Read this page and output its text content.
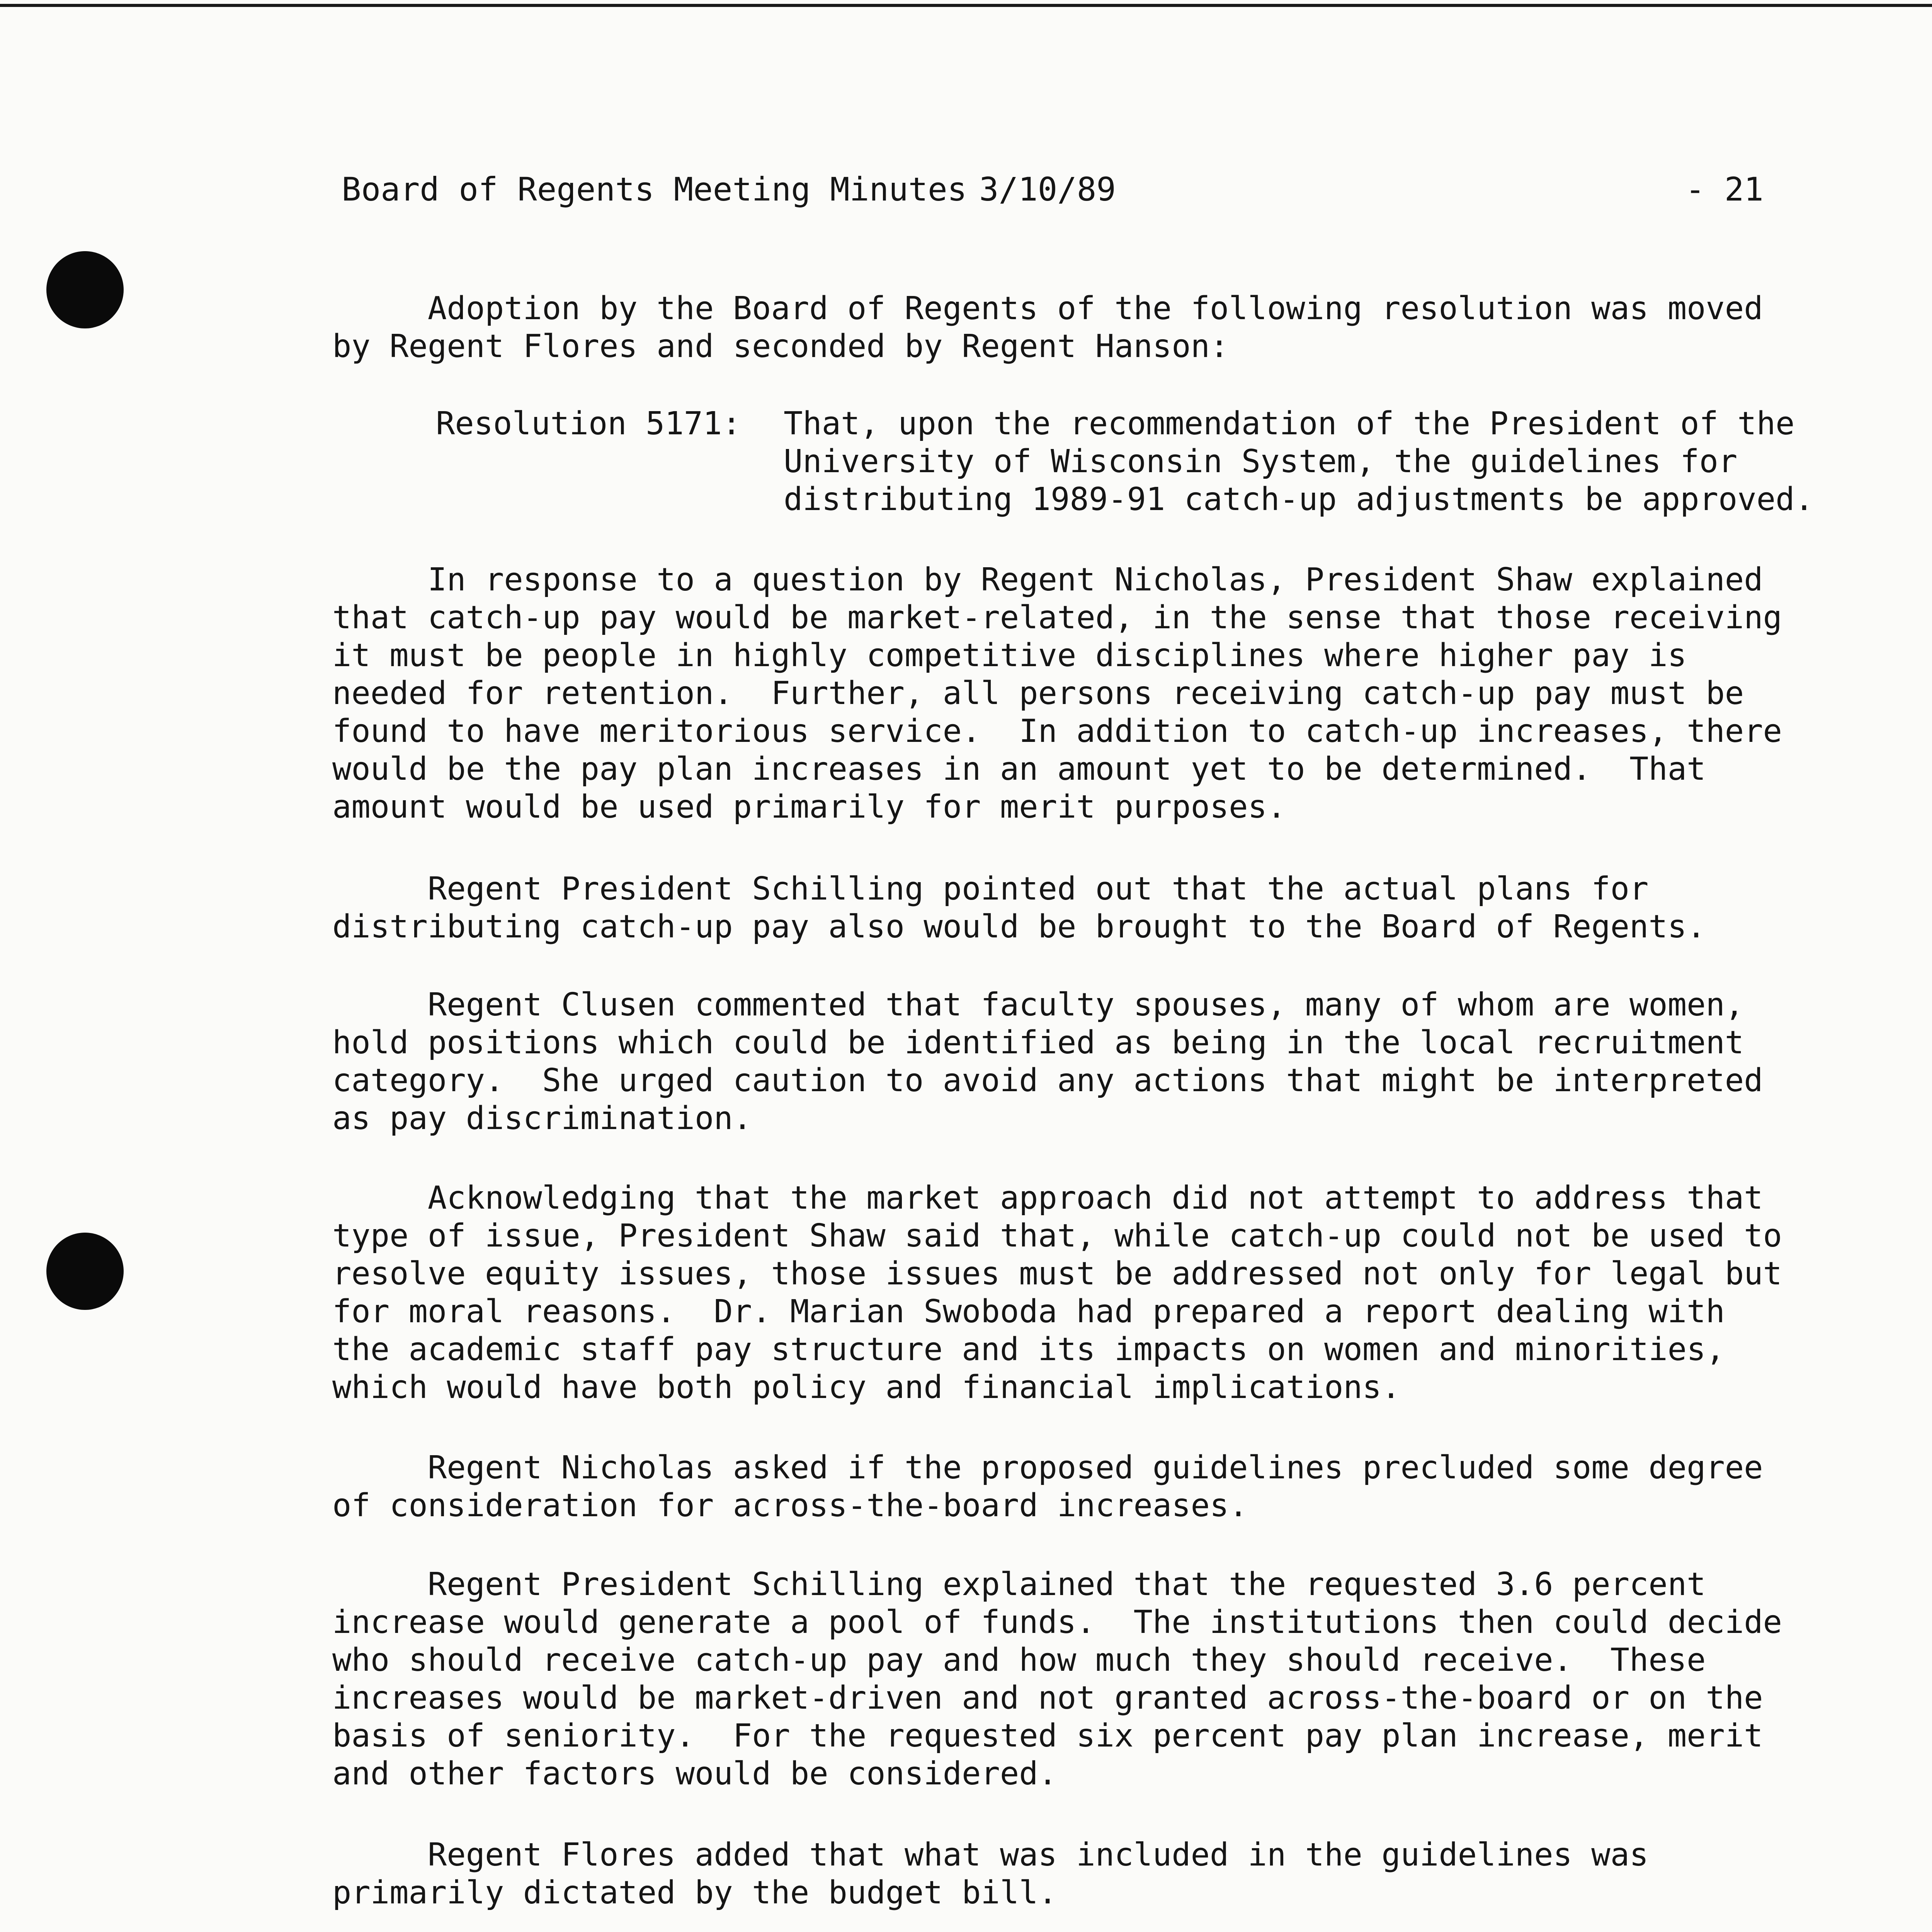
Board of Regents Meeting Minutes 3/10/89	- 21

Adoption by the Board of Regents of the following resolution was moved
by Regent Flores and seconded by Regent Hanson:

Resolution 5171: That, upon the recommendation of the President of the
University of Wisconsin System, the guidelines for
distributing 1989-91 catch-up adjustments be approved.

In response to a question by Regent Nicholas, President Shaw explained
that catch-up pay would be market-related, in the sense that those receiving
it must be people in highly competitive disciplines where higher pay is
needed for retention.  Further, all persons receiving catch-up pay must be
found to have meritorious service.  In addition to catch-up increases, there
would be the pay plan increases in an amount yet to be determined.  That
amount would be used primarily for merit purposes.

Regent President Schilling pointed out that the actual plans for
distributing catch-up pay also would be brought to the Board of Regents.

Regent Clusen commented that faculty spouses, many of whom are women,
hold positions which could be identified as being in the local recruitment
category.  She urged caution to avoid any actions that might be interpreted
as pay discrimination.

Acknowledging that the market approach did not attempt to address that
type of issue, President Shaw said that, while catch-up could not be used to
resolve equity issues, those issues must be addressed not only for legal but
for moral reasons.  Dr. Marian Swoboda had prepared a report dealing with
the academic staff pay structure and its impacts on women and minorities,
which would have both policy and financial implications.

Regent Nicholas asked if the proposed guidelines precluded some degree
of consideration for across-the-board increases.

Regent President Schilling explained that the requested 3.6 percent
increase would generate a pool of funds.  The institutions then could decide
who should receive catch-up pay and how much they should receive.  These
increases would be market-driven and not granted across-the-board or on the
basis of seniority.  For the requested six percent pay plan increase, merit
and other factors would be considered.

Regent Flores added that what was included in the guidelines was
primarily dictated by the budget bill.
